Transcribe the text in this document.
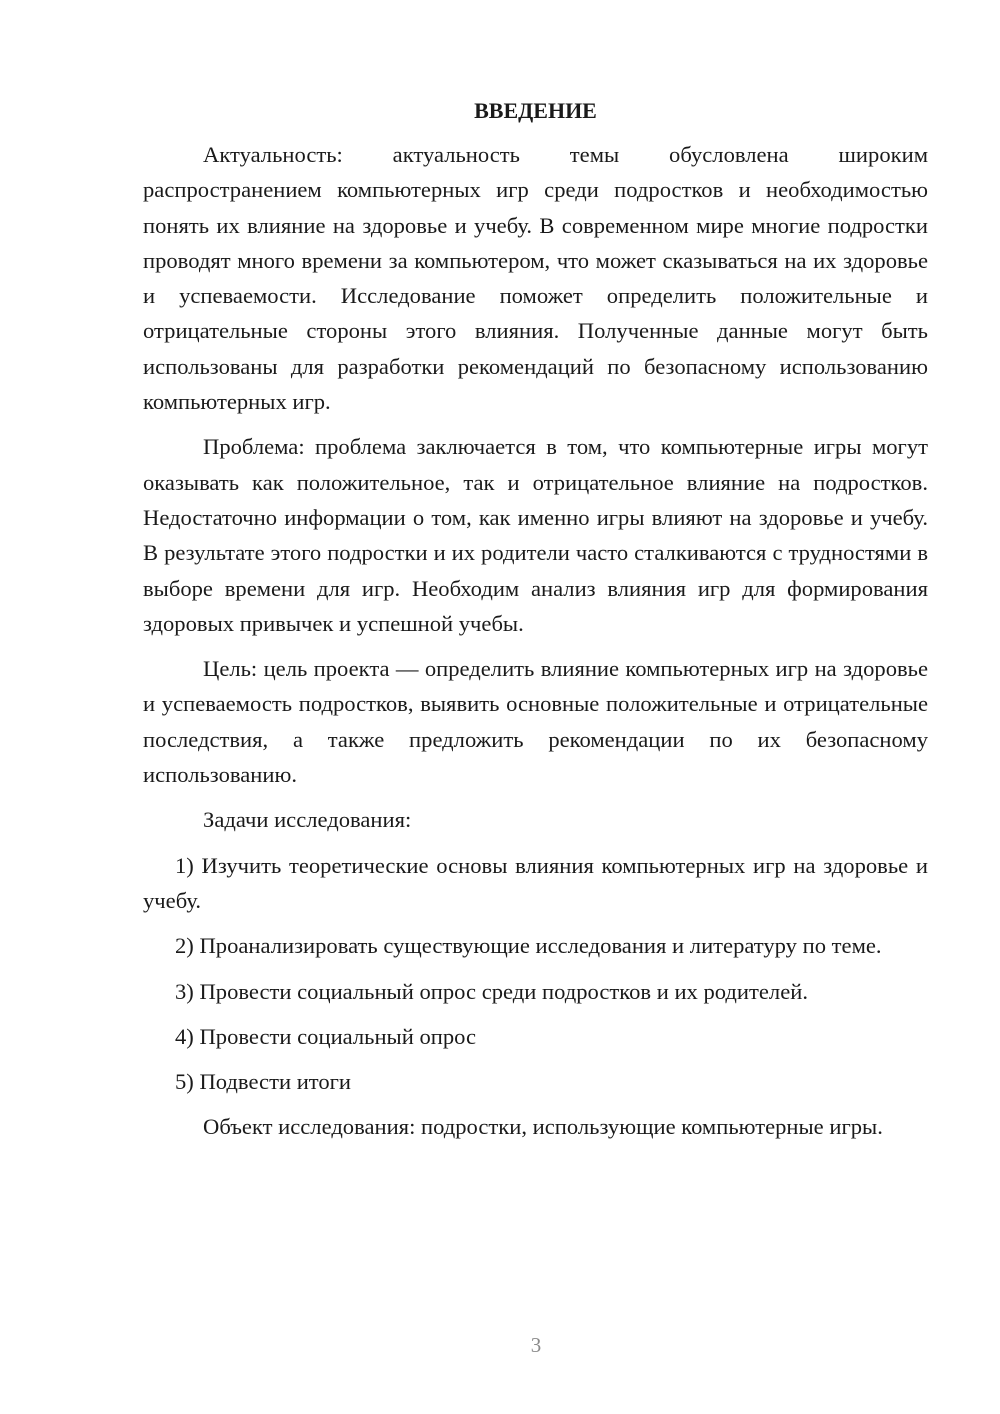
ВВЕДЕНИЕ

Актуальность: актуальность темы обусловлена широким распространением компьютерных игр среди подростков и необходимостью понять их влияние на здоровье и учебу. В современном мире многие подростки проводят много времени за компьютером, что может сказываться на их здоровье и успеваемости. Исследование поможет определить положительные и отрицательные стороны этого влияния. Полученные данные могут быть использованы для разработки рекомендаций по безопасному использованию компьютерных игр.

Проблема: проблема заключается в том, что компьютерные игры могут оказывать как положительное, так и отрицательное влияние на подростков. Недостаточно информации о том, как именно игры влияют на здоровье и учебу. В результате этого подростки и их родители часто сталкиваются с трудностями в выборе времени для игр. Необходим анализ влияния игр для формирования здоровых привычек и успешной учебы.

Цель: цель проекта — определить влияние компьютерных игр на здоровье и успеваемость подростков, выявить основные положительные и отрицательные последствия, а также предложить рекомендации по их безопасному использованию.

Задачи исследования:

1) Изучить теоретические основы влияния компьютерных игр на здоровье и учебу.

2) Проанализировать существующие исследования и литературу по теме.

3) Провести социальный опрос среди подростков и их родителей.

4) Провести социальный опрос

5) Подвести итоги

Объект исследования: подростки, использующие компьютерные игры.

3
